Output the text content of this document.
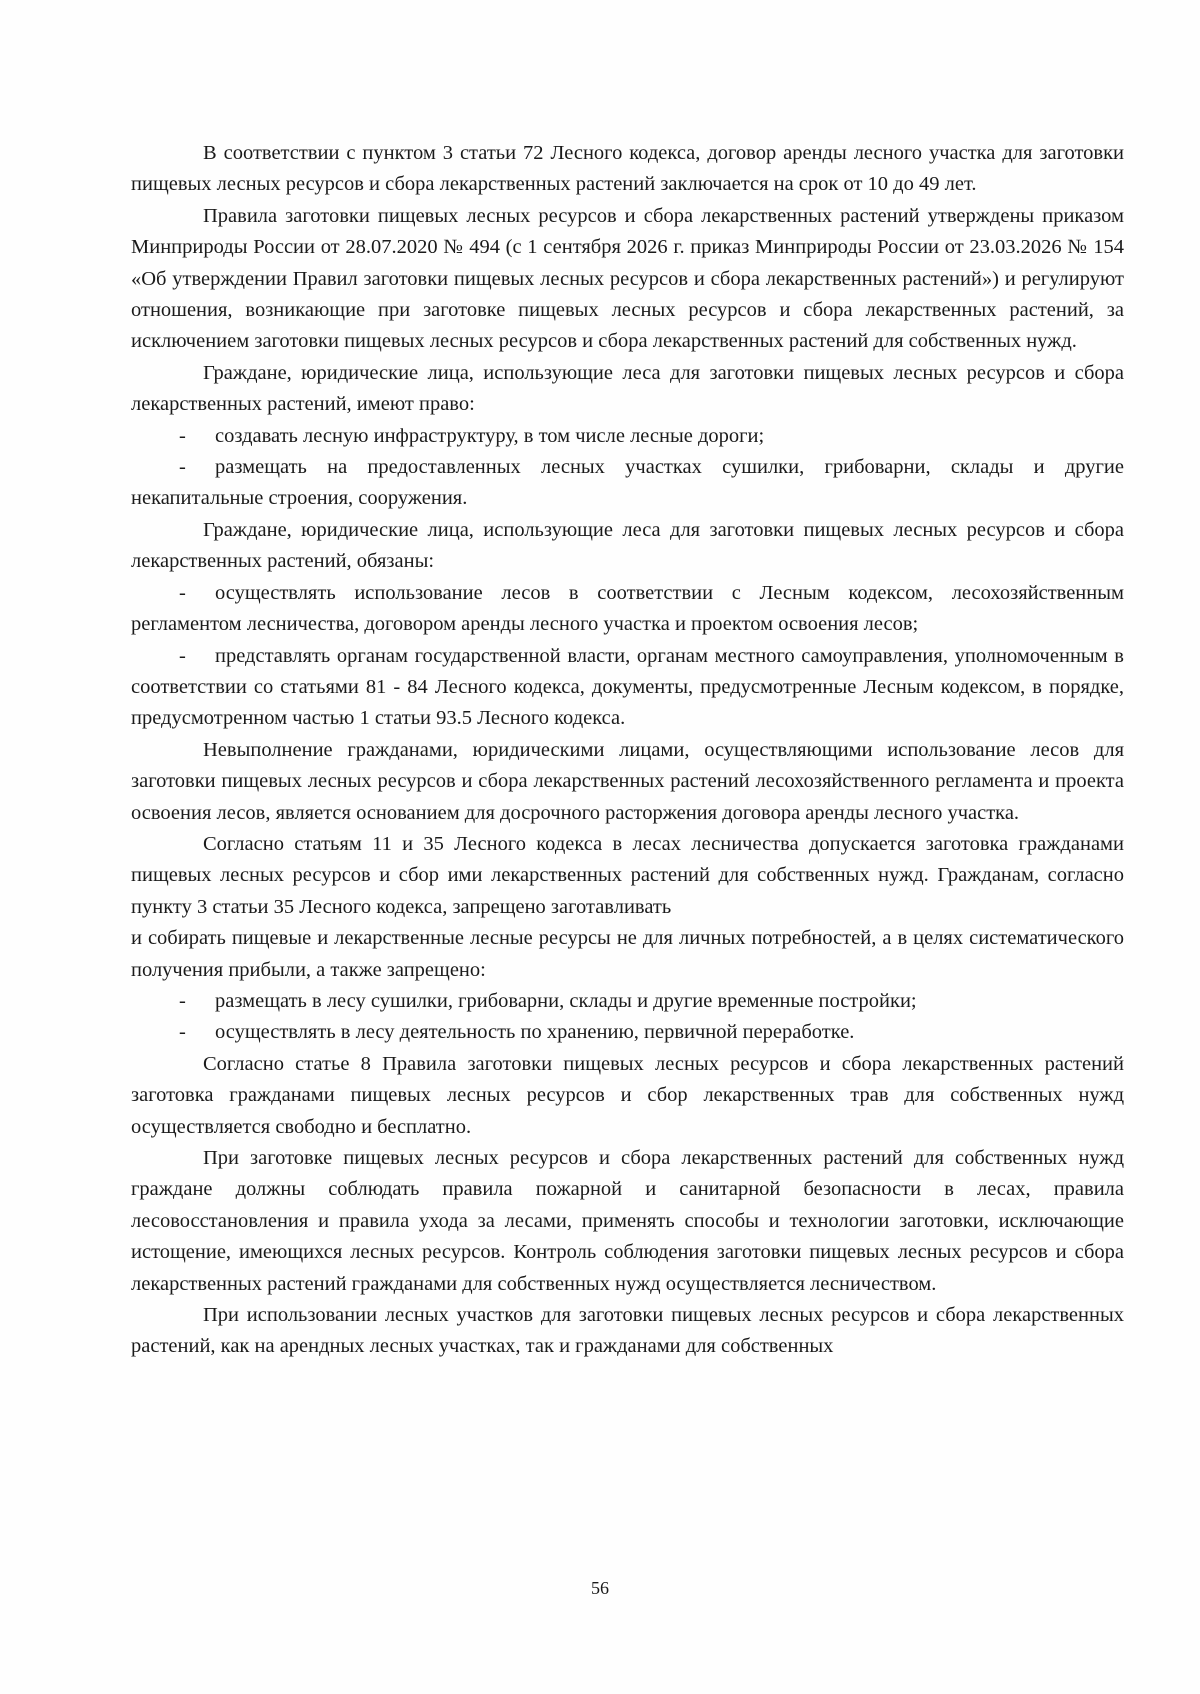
В соответствии с пунктом 3 статьи 72 Лесного кодекса, договор аренды лесного участка для заготовки пищевых лесных ресурсов и сбора лекарственных растений заключается на срок от 10 до 49 лет.

Правила заготовки пищевых лесных ресурсов и сбора лекарственных растений утверждены приказом Минприроды России от 28.07.2020 № 494 (с 1 сентября 2026 г. приказ Минприроды России от 23.03.2026 № 154 «Об утверждении Правил заготовки пищевых лесных ресурсов и сбора лекарственных растений») и регулируют отношения, возникающие при заготовке пищевых лесных ресурсов и сбора лекарственных растений, за исключением заготовки пищевых лесных ресурсов и сбора лекарственных растений для собственных нужд.

Граждане, юридические лица, использующие леса для заготовки пищевых лесных ресурсов и сбора лекарственных растений, имеют право:

- создавать лесную инфраструктуру, в том числе лесные дороги;

- размещать на предоставленных лесных участках сушилки, грибоварни, склады и другие некапитальные строения, сооружения.

Граждане, юридические лица, использующие леса для заготовки пищевых лесных ресурсов и сбора лекарственных растений, обязаны:

- осуществлять использование лесов в соответствии с Лесным кодексом, лесохозяйственным регламентом лесничества, договором аренды лесного участка и проектом освоения лесов;

- представлять органам государственной власти, органам местного самоуправления, уполномоченным в соответствии со статьями 81 - 84 Лесного кодекса, документы, предусмотренные Лесным кодексом, в порядке, предусмотренном частью 1 статьи 93.5 Лесного кодекса.

Невыполнение гражданами, юридическими лицами, осуществляющими использование лесов для заготовки пищевых лесных ресурсов и сбора лекарственных растений лесохозяйственного регламента и проекта освоения лесов, является основанием для досрочного расторжения договора аренды лесного участка.

Согласно статьям 11 и 35 Лесного кодекса в лесах лесничества допускается заготовка гражданами пищевых лесных ресурсов и сбор ими лекарственных растений для собственных нужд. Гражданам, согласно пункту 3 статьи 35 Лесного кодекса, запрещено заготавливать

и собирать пищевые и лекарственные лесные ресурсы не для личных потребностей, а в целях систематического получения прибыли, а также запрещено:

- размещать в лесу сушилки, грибоварни, склады и другие временные постройки;

- осуществлять в лесу деятельность по хранению, первичной переработке.

Согласно статье 8 Правила заготовки пищевых лесных ресурсов и сбора лекарственных растений заготовка гражданами пищевых лесных ресурсов и сбор лекарственных трав для собственных нужд осуществляется свободно и бесплатно.

При заготовке пищевых лесных ресурсов и сбора лекарственных растений для собственных нужд граждане должны соблюдать правила пожарной и санитарной безопасности в лесах, правила лесовосстановления и правила ухода за лесами, применять способы и технологии заготовки, исключающие истощение, имеющихся лесных ресурсов. Контроль соблюдения заготовки пищевых лесных ресурсов и сбора лекарственных растений гражданами для собственных нужд осуществляется лесничеством.

При использовании лесных участков для заготовки пищевых лесных ресурсов и сбора лекарственных растений, как на арендных лесных участках, так и гражданами для собственных

56
